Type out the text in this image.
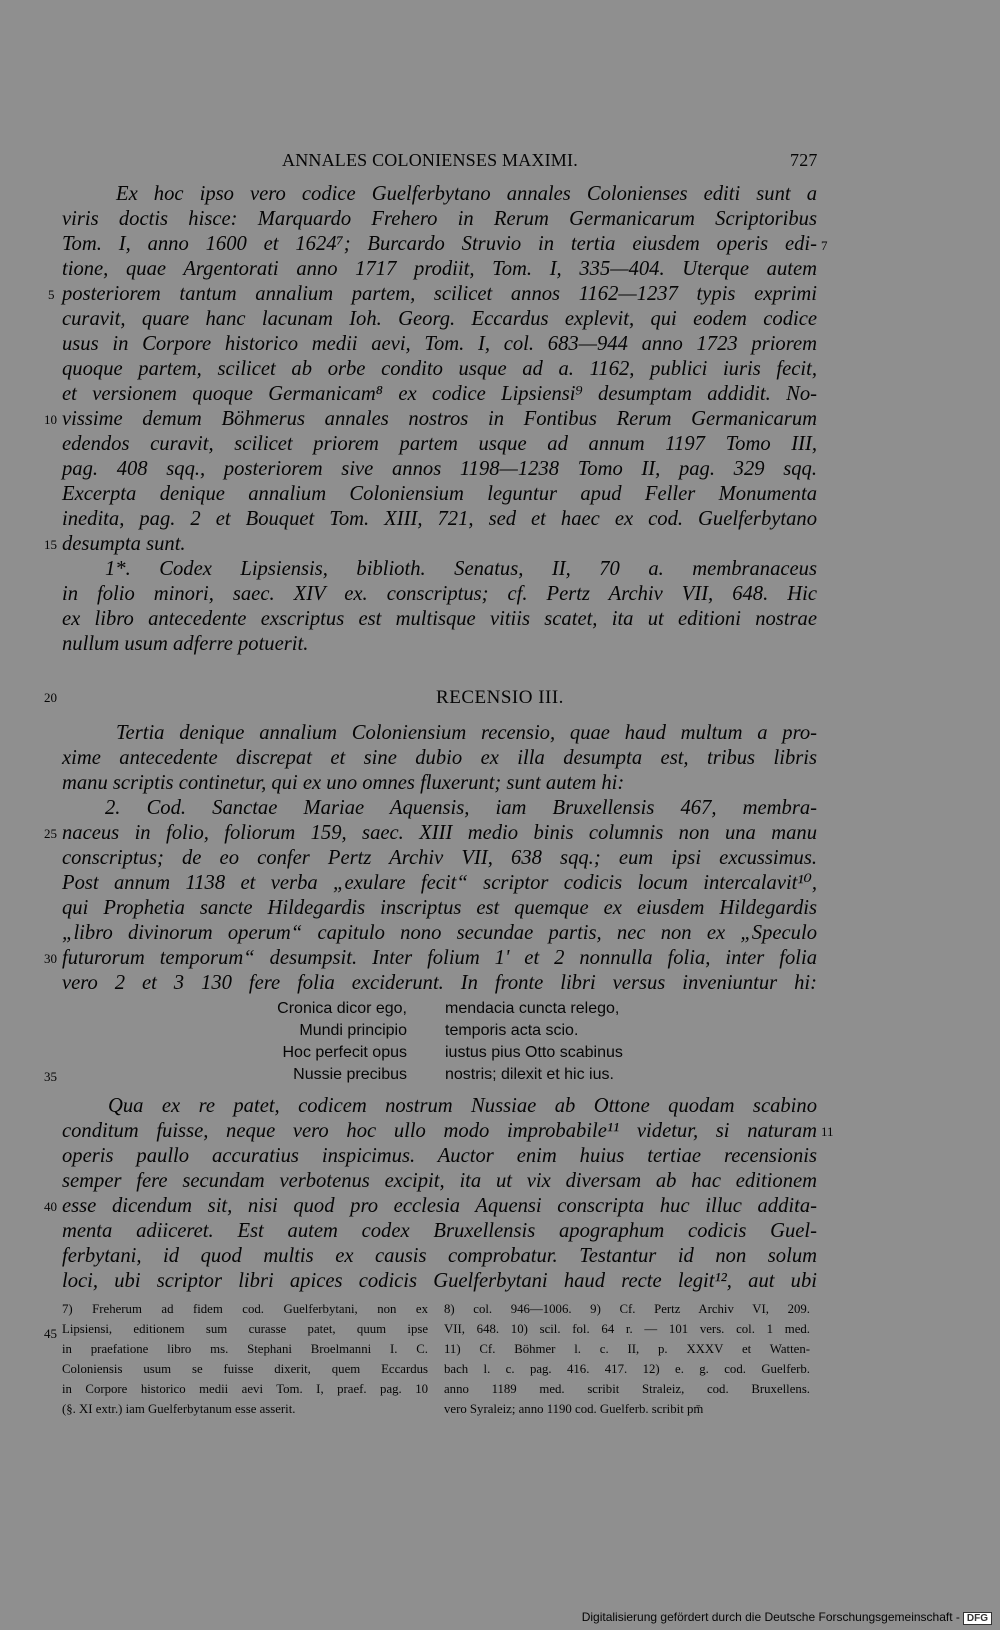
ANNALES COLONIENSES MAXIMI.	727
Ex hoc ipso vero codice Guelferbytano annales Colonienses editi sunt a
viris doctis hisce: Marquardo Frehero in Rerum Germanicarum Scriptoribus
Tom. I, anno 1600 et 1624⁷; Burcardo Struvio in tertia eiusdem operis edi-
tione, quae Argentorati anno 1717 prodiit, Tom. I, 335—404. Uterque autem
posteriorem tantum annalium partem, scilicet annos 1162—1237 typis exprimi
curavit, quare hanc lacunam Ioh. Georg. Eccardus explevit, qui eodem codice
usus in Corpore historico medii aevi, Tom. I, col. 683—944 anno 1723 priorem
quoque partem, scilicet ab orbe condito usque ad a. 1162, publici iuris fecit,
et versionem quoque Germanicam⁸ ex codice Lipsiensi⁹ desumptam addidit. No-
vissime demum Böhmerus annales nostros in Fontibus Rerum Germanicarum
edendos curavit, scilicet priorem partem usque ad annum 1197 Tomo III,
pag. 408 sqq., posteriorem sive annos 1198—1238 Tomo II, pag. 329 sqq.
Excerpta denique annalium Coloniensium leguntur apud Feller Monumenta
inedita, pag. 2 et Bouquet Tom. XIII, 721, sed et haec ex cod. Guelferbytano
desumpta sunt.
1*. Codex Lipsiensis, biblioth. Senatus, II, 70 a. membranaceus
in folio minori, saec. XIV ex. conscriptus; cf. Pertz Archiv VII, 648. Hic
ex libro antecedente exscriptus est multisque vitiis scatet, ita ut editioni nostrae
nullum usum adferre potuerit.
RECENSIO III.
Tertia denique annalium Coloniensium recensio, quae haud multum a pro-
xime antecedente discrepat et sine dubio ex illa desumpta est, tribus libris
manu scriptis continetur, qui ex uno omnes fluxerunt; sunt autem hi:
2. Cod. Sanctae Mariae Aquensis, iam Bruxellensis 467, membra-
naceus in folio, foliorum 159, saec. XIII medio binis columnis non una manu
conscriptus; de eo confer Pertz Archiv VII, 638 sqq.; eum ipsi excussimus.
Post annum 1138 et verba „exulare fecit“ scriptor codicis locum intercalavit¹⁰,
qui Prophetia sancte Hildegardis inscriptus est quemque ex eiusdem Hildegardis
„libro divinorum operum“ capitulo nono secundae partis, nec non ex „Speculo
futurorum temporum“ desumpsit. Inter folium 1' et 2 nonnulla folia, inter folia
vero 2 et 3 130 fere folia exciderunt. In fronte libri versus inveniuntur hi:
Cronica dicor ego, mendacia cuncta relego,
Mundi principio temporis acta scio.
Hoc perfecit opus iustus pius Otto scabinus
Nussie precibus nostris; dilexit et hic ius.
Qua ex re patet, codicem nostrum Nussiae ab Ottone quodam scabino
conditum fuisse, neque vero hoc ullo modo improbabile¹¹ videtur, si naturam
operis paullo accuratius inspicimus. Auctor enim huius tertiae recensionis
semper fere secundam verbotenus excipit, ita ut vix diversam ab hac editionem
esse dicendum sit, nisi quod pro ecclesia Aquensi conscripta huc illuc addita-
menta adiiceret. Est autem codex Bruxellensis apographum codicis Guel-
ferbytani, id quod multis ex causis comprobatur. Testantur id non solum
loci, ubi scriptor libri apices codicis Guelferbytani haud recte legit¹², aut ubi
5
10
15
20
25
30
35
40
45
7
11
7) Freherum ad fidem cod. Guelferbytani, non ex
Lipsiensi, editionem sum curasse patet, quum ipse
in praefatione libro ms. Stephani Broelmanni I. C.
Coloniensis usum se fuisse dixerit, quem Eccardus
in Corpore historico medii aevi Tom. I, praef. pag. 10
(§. XI extr.) iam Guelferbytanum esse asserit.
8) col. 946—1006. 9) Cf. Pertz Archiv VI, 209.
VII, 648. 10) scil. fol. 64 r. — 101 vers. col. 1 med.
11) Cf. Böhmer l. c. II, p. XXXV et Watten-
bach l. c. pag. 416. 417. 12) e. g. cod. Guelferb.
anno 1189 med. scribit Straleiz, cod. Bruxellens.
vero Syraleiz; anno 1190 cod. Guelferb. scribit pm̄
Digitalisierung gefördert durch die Deutsche Forschungsgemeinschaft - DFG
